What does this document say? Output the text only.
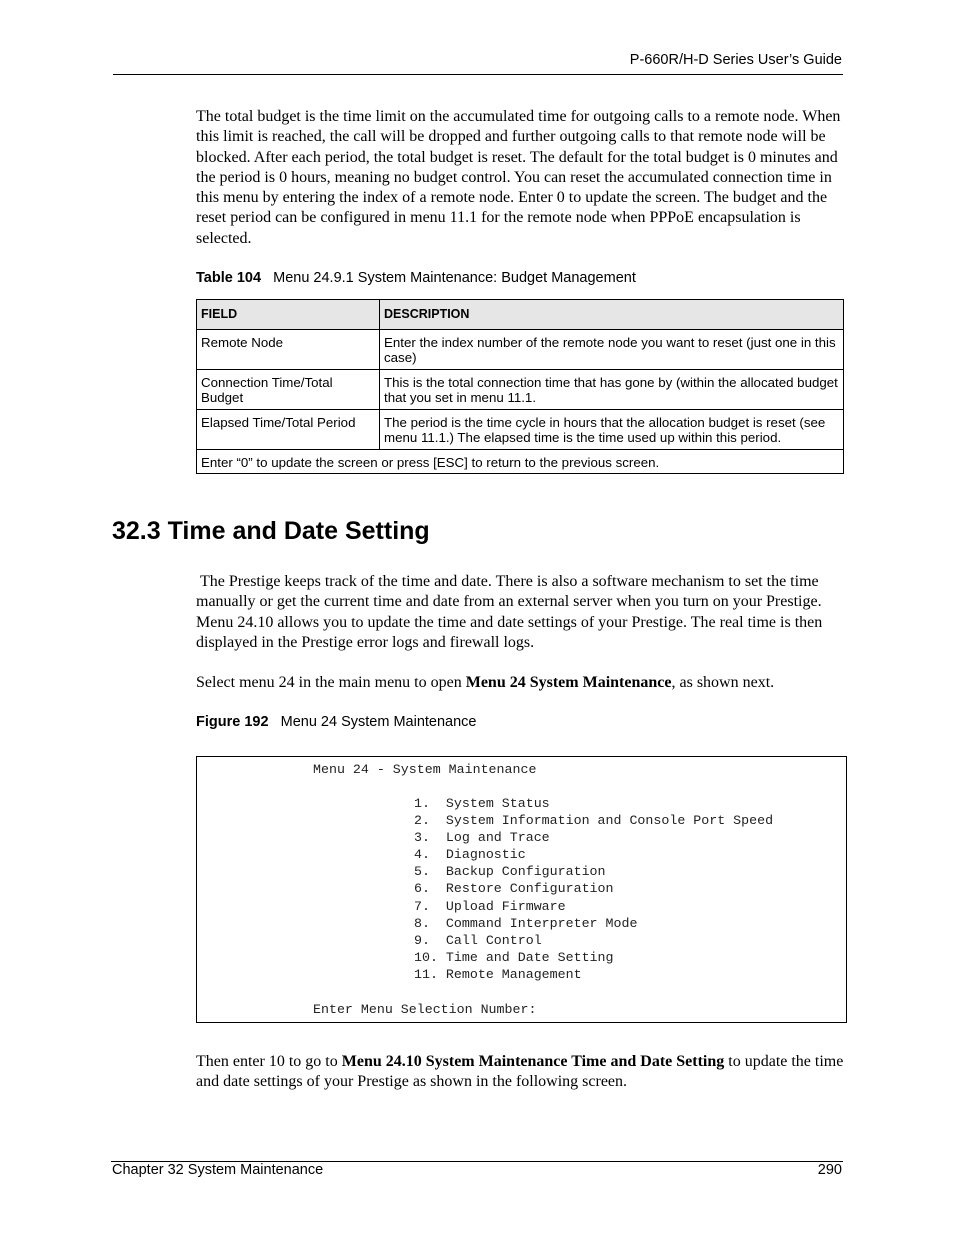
P-660R/H-D Series User’s Guide
The total budget is the time limit on the accumulated time for outgoing calls to a remote node. When this limit is reached, the call will be dropped and further outgoing calls to that remote node will be blocked. After each period, the total budget is reset. The default for the total budget is 0 minutes and the period is 0 hours, meaning no budget control. You can reset the accumulated connection time in this menu by entering the index of a remote node. Enter 0 to update the screen. The budget and the reset period can be configured in menu 11.1 for the remote node when PPPoE encapsulation is selected.
Table 104 Menu 24.9.1 System Maintenance: Budget Management
FIELD	DESCRIPTION
Remote Node	Enter the index number of the remote node you want to reset (just one in this case)
Connection Time/Total Budget	This is the total connection time that has gone by (within the allocated budget that you set in menu 11.1.
Elapsed Time/Total Period	The period is the time cycle in hours that the allocation budget is reset (see menu 11.1.) The elapsed time is the time used up within this period.
Enter “0” to update the screen or press [ESC] to return to the previous screen.	
32.3 Time and Date Setting
The Prestige keeps track of the time and date. There is also a software mechanism to set the time manually or get the current time and date from an external server when you turn on your Prestige. Menu 24.10 allows you to update the time and date settings of your Prestige. The real time is then displayed in the Prestige error logs and firewall logs.
Select menu 24 in the main menu to open Menu 24 System Maintenance, as shown next.
Figure 192 Menu 24 System Maintenance
Menu 24 - System Maintenance
1.  System Status
2.  System Information and Console Port Speed
3.  Log and Trace
4.  Diagnostic
5.  Backup Configuration
6.  Restore Configuration
7.  Upload Firmware
8.  Command Interpreter Mode
9.  Call Control
10. Time and Date Setting
11. Remote Management
Enter Menu Selection Number:
Then enter 10 to go to Menu 24.10 System Maintenance Time and Date Setting to update the time and date settings of your Prestige as shown in the following screen.
Chapter 32 System Maintenance	290
